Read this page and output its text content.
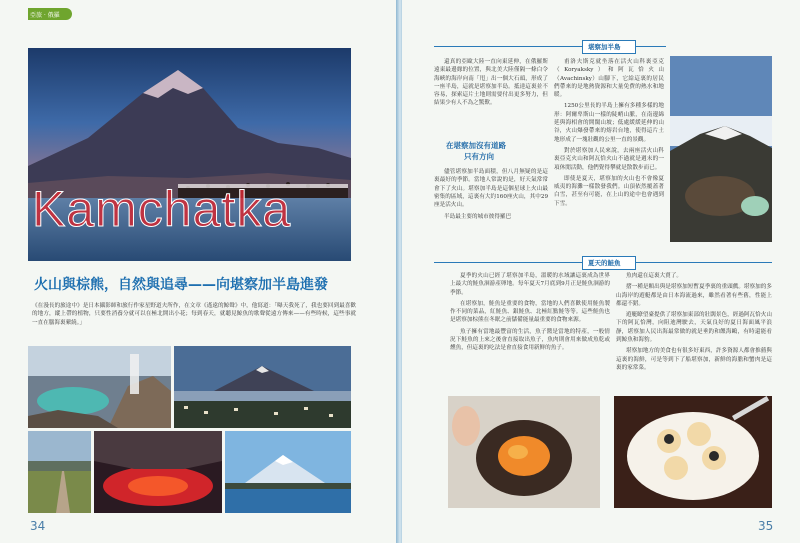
亞旅 · 俄羅
Kamchatka
火山與棕熊，自然與追尋——向堪察加半島進發
《在漫長的旅途中》是日本攝影師和旅行作家星野道夫所作，在文章《遙遠的鯨聲》中，他寫道：「曝天我死了，我也要回到最喜歡的地方，縱上帶的植物，只要性消養分就可以在極北開出小花；每到春天，就聽見鯨魚的歌聲從遠方傳來——有些時候，這些事就一直在腦海裏縈繞。」
34
堪察加半島

還真的亞歐大陸一直向東延伸，在俄羅斯遠東最邊緣的位置，與北美大陸僅隔一條白令海峽的海岸向南「甩」出一個大石頭，形成了一座半島，這就是堪察加半島。抵達這裏並不容易，探索這片土地則需要付出更多努力，但結果少有人不為之驚歎。

在堪察加沒有道路
只有方向

儘管堪察加半島面積，但八月無疑的是這裏最好的季節。當地人常說的是，好天氣常常會下了火山。堪察加半島是這個星球上火山最密集的區域，這裏有大約160座火山，其中29座是活火山。

半島最主要的城市彼得羅巴

甫洛夫斯克就坐落在活火山科裏亞克（Koryaksky）和阿瓦恰火山（Avachinsky）山腳下，它給這裏的居民們帶來的是地熱資源和大量免費的熱水和地暖。

1250公里長的半島上擁有多種多樣的地形：阿爾卑斯山一樣的陡峭山脈，在南邊綿延與海相會的開闊山坡；低處緩緩延伸的山谷，火山爆發帶來的熔岩台地，使得這片土地形成了一塊壯觀的公里一直的景觀。

對於堪察加人民來說，去兩座活火山科裏亞克火山和阿瓦恰火山不過就是週末的一項休閒活動，他們覺得攀就是散散步而已。

即使是夏天，堪察加的火山也不會像夏威夷的海灘一樣散發我們。山頂依然覆蓋著白雪，甚至有可能，在上山的途中也會遇到下雪。

夏天的鮭魚

夏季的火山已經了堪察加半島，溫暖的水域讓這裏成為世界上最大的鮭魚洄游產卵地。每年夏天7月底到9月正是鮭魚洄游的季節。

在堪察加，鮭魚是重要的食物，當地的人們喜歡使用鮭魚製作不同的菜品，紅鮭魚、銀鮭魚、北極紅點鮭等等。這些鮭魚也是堪察加棕熊在冬眠之前儲備能量最重要的食物來源。

魚子擁有當地最豐富的生活，魚子醬是當地的特產，一般情況下鮭魚的上來之後會直接取出魚子，魚肉則會用來做成魚乾或燻魚，但這裏的吃法是會直接食用新鮮的魚子。

魚肉還在這裏大賣了。

摺一種是顆出與是堪察加短暫夏季裏的重頭戲。堪察加的多山海岸的遊艇都是由日本海流過來，雖然看著有些舊，性能上都還不錯。

遊艇瞭望臺提供了堪察加東部的壯闊景色，經過阿瓦恰火山下的阿瓦恰灣，向阻迪灣駛去，天氣良好的夏日海面風平浪靜，堪察加人民出海最常做的就是垂釣和餵海鷗，有時還能看到鯨魚和海豹。

堪察加地方的美食也有很多好東西，許多資源人都會推薦與這裏的海鮮，可是等到下了船堪察加，新鮮的海膽和蟹肉是這裏的家常菜。

35
